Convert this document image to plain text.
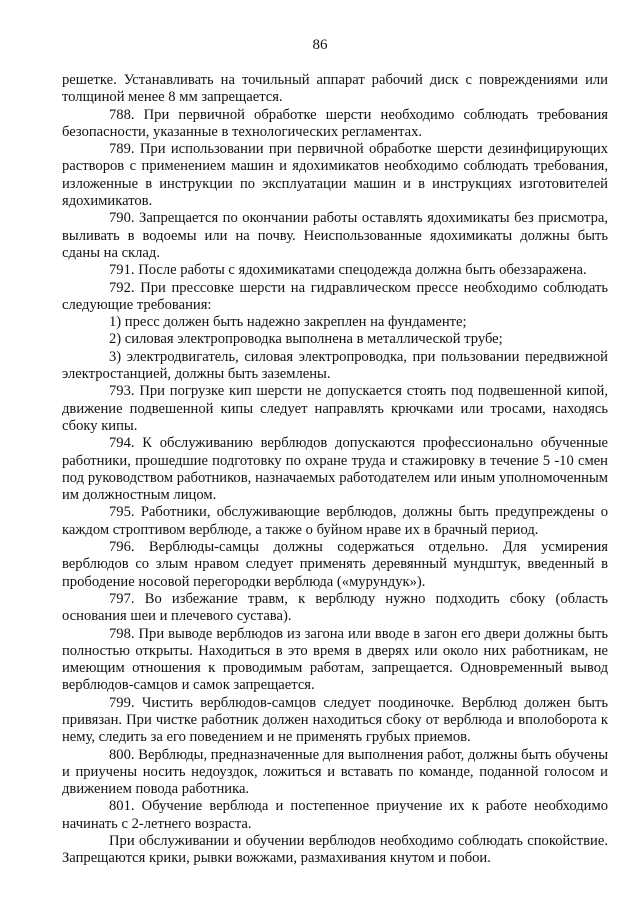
86

решетке. Устанавливать на точильный аппарат рабочий диск с повреждениями или толщиной менее 8 мм запрещается.

788. При первичной обработке шерсти необходимо соблюдать требования безопасности, указанные в технологических регламентах.

789. При использовании при первичной обработке шерсти дезинфицирующих растворов с применением машин и ядохимикатов необходимо соблюдать требования, изложенные в инструкции по эксплуатации машин и в инструкциях изготовителей ядохимикатов.

790. Запрещается по окончании работы оставлять ядохимикаты без присмотра, выливать в водоемы или на почву. Неиспользованные ядохимикаты должны быть сданы на склад.

791. После работы с ядохимикатами спецодежда должна быть обеззаражена.

792. При прессовке шерсти на гидравлическом прессе необходимо соблюдать следующие требования:

1) пресс должен быть надежно закреплен на фундаменте;

2) силовая электропроводка выполнена в металлической трубе;

3) электродвигатель, силовая электропроводка, при пользовании передвижной электростанцией, должны быть заземлены.

793. При погрузке кип шерсти не допускается стоять под подвешенной кипой, движение подвешенной кипы следует направлять крючками или тросами, находясь сбоку кипы.

794. К обслуживанию верблюдов допускаются профессионально обученные работники, прошедшие подготовку по охране труда и стажировку в течение 5 -10 смен под руководством работников, назначаемых работодателем или иным уполномоченным им должностным лицом.

795. Работники, обслуживающие верблюдов, должны быть предупреждены о каждом строптивом верблюде, а также о буйном нраве их в брачный период.

796. Верблюды-самцы должны содержаться отдельно. Для усмирения верблюдов со злым нравом следует применять деревянный мундштук, введенный в прободение носовой перегородки верблюда («мурундук»).

797. Во избежание травм, к верблюду нужно подходить сбоку (область основания шеи и плечевого сустава).

798. При выводе верблюдов из загона или вводе в загон его двери должны быть полностью открыты. Находиться в это время в дверях или около них работникам, не имеющим отношения к проводимым работам, запрещается. Одновременный вывод верблюдов-самцов и самок запрещается.

799. Чистить верблюдов-самцов следует поодиночке. Верблюд должен быть привязан. При чистке работник должен находиться сбоку от верблюда и вполоборота к нему, следить за его поведением и не применять грубых приемов.

800. Верблюды, предназначенные для выполнения работ, должны быть обучены и приучены носить недоуздок, ложиться и вставать по команде, поданной голосом и движением повода работника.

801. Обучение верблюда и постепенное приучение их к работе необходимо начинать с 2-летнего возраста.

При обслуживании и обучении верблюдов необходимо соблюдать спокойствие. Запрещаются крики, рывки вожжами, размахивания кнутом и побои.
